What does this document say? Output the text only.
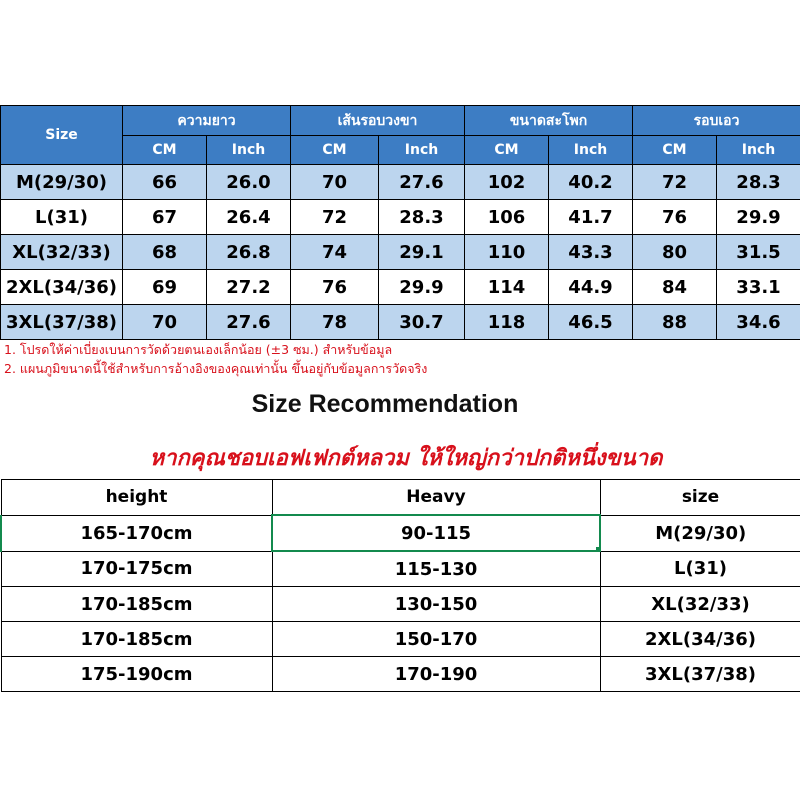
Size	ความยาว		เส้นรอบวงขา		ขนาดสะโพก		รอบเอว	
	CM	Inch	CM	Inch	CM	Inch	CM	Inch
M(29/30)	66	26.0	70	27.6	102	40.2	72	28.3
L(31)	67	26.4	72	28.3	106	41.7	76	29.9
XL(32/33)	68	26.8	74	29.1	110	43.3	80	31.5
2XL(34/36)	69	27.2	76	29.9	114	44.9	84	33.1
3XL(37/38)	70	27.6	78	30.7	118	46.5	88	34.6
1. โปรดให้ค่าเบี่ยงเบนการวัดด้วยตนเองเล็กน้อย (±3 ซม.) สำหรับข้อมูล
2. แผนภูมิขนาดนี้ใช้สำหรับการอ้างอิงของคุณเท่านั้น ขึ้นอยู่กับข้อมูลการวัดจริง
Size Recommendation
หากคุณชอบเอฟเฟกต์หลวม ให้ใหญ่กว่าปกติหนึ่งขนาด
height	Heavy	size
165-170cm	90-115	M(29/30)
170-175cm	115-130	L(31)
170-185cm	130-150	XL(32/33)
170-185cm	150-170	2XL(34/36)
175-190cm	170-190	3XL(37/38)
